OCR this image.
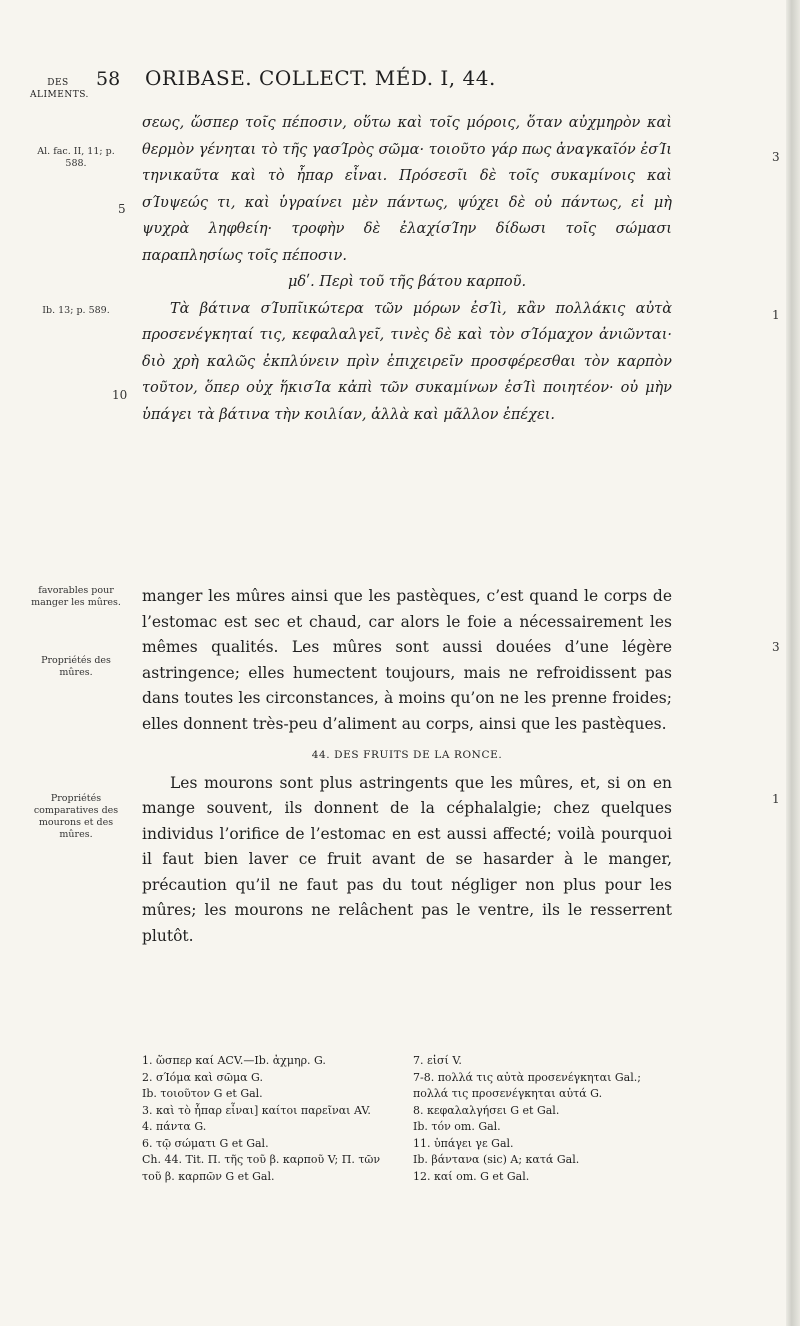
DES ALIMENTS.
58 ORIBASE. COLLECT. MÉD. I, 44.
Al. fac. II, 11; p. 588.
Ib. 13; p. 589.
favorables pour manger les mûres.
Propriétés des mûres.
Propriétés comparatives des mourons et des mûres.
3
5
1
10
3
1

σεως, ὥσπερ τοῖς πέποσιν, οὕτω καὶ τοῖς μόροις, ὅταν αὐχμηρὸν καὶ θερμὸν γένηται τὸ τῆς γασΊρὸς σῶμα· τοιοῦτο γάρ πως ἀναγκαῖόν ἐσΊι τηνικαῦτα καὶ τὸ ἧπαρ εἶναι. Πρόσεσῖι δὲ τοῖς συκαμίνοις καὶ σΊυψεώς τι, καὶ ὑγραίνει μὲν πάντως, ψύχει δὲ οὐ πάντως, εἰ μὴ ψυχρὰ ληφθείη· τροφὴν δὲ ἐλαχίσΊην δίδωσι τοῖς σώμασι παραπλησίως τοῖς πέποσιν.

μδʹ. Περὶ τοῦ τῆς βάτου καρποῦ.

Τὰ βάτινα σΊυπῖικώτερα τῶν μόρων ἐσΊὶ, κἂν πολλάκις αὐτὰ προσενέγκηταί τις, κεφαλαλγεῖ, τινὲς δὲ καὶ τὸν σΊόμαχον ἀνιῶνται· διὸ χρὴ καλῶς ἐκπλύνειν πρὶν ἐπιχειρεῖν προσφέρεσθαι τὸν καρπὸν τοῦτον, ὅπερ οὐχ ἥκισΊα κἀπὶ τῶν συκαμίνων ἐσΊὶ ποιητέον· οὐ μὴν ὑπάγει τὰ βάτινα τὴν κοιλίαν, ἀλλὰ καὶ μᾶλλον ἐπέχει.

manger les mûres ainsi que les pastèques, c’est quand le corps de l’estomac est sec et chaud, car alors le foie a nécessairement les mêmes qualités. Les mûres sont aussi douées d’une légère astringence; elles humectent toujours, mais ne refroidissent pas dans toutes les circonstances, à moins qu’on ne les prenne froides; elles donnent très-peu d’aliment au corps, ainsi que les pastèques.

44. DES FRUITS DE LA RONCE.

Les mourons sont plus astringents que les mûres, et, si on en mange souvent, ils donnent de la céphalalgie; chez quelques individus l’orifice de l’estomac en est aussi affecté; voilà pourquoi il faut bien laver ce fruit avant de se hasarder à le manger, précaution qu’il ne faut pas du tout négliger non plus pour les mûres; les mourons ne relâchent pas le ventre, ils le resserrent plutôt.

1. ὥσπερ καί ACV.—Ib. ἀχμηρ. G.

2. σΊόμα καὶ σῶμα G.

Ib. τοιοῦτον G et Gal.

3. καὶ τὸ ἧπαρ εἶναι] καίτοι παρεῖναι AV.

4. πάντα G.

6. τῷ σώματι G et Gal.

Ch. 44. Tit. Π. τῆς τοῦ β. καρποῦ V; Π. τῶν τοῦ β. καρπῶν G et Gal.

7. εἰσί V.

7-8. πολλά τις αὐτὰ προσενέγκηται Gal.; πολλά τις προσενέγκηται αὐτά G.

8. κεφαλαλγήσει G et Gal.

Ib. τόν om. Gal.

11. ὑπάγει γε Gal.

Ib. βάντανα (sic) A; κατά Gal.

12. καί om. G et Gal.
